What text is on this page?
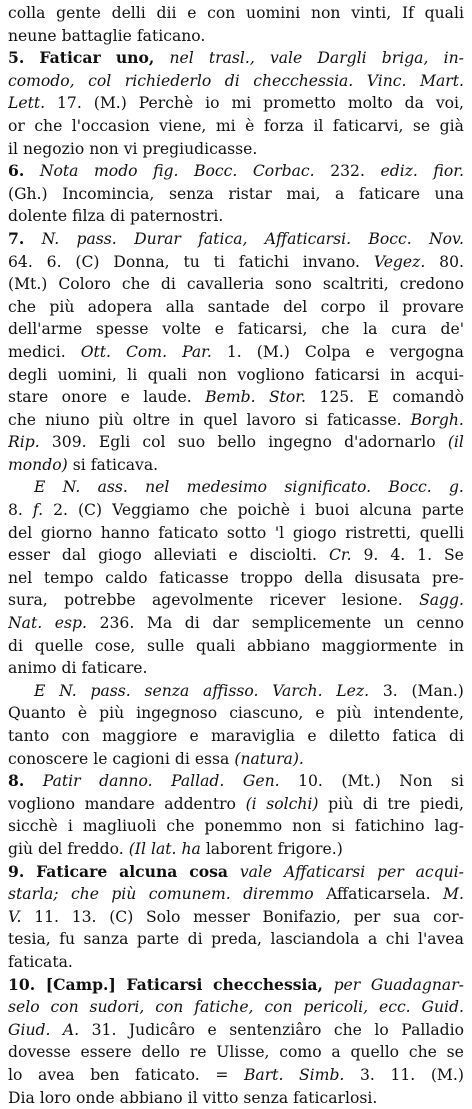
colla gente delli dii e con uomini non vinti, If quali
neune battaglie faticano.
5. Faticar uno, nel trasl., vale Dargli briga, in-
comodo, col richiederlo di checchessia. Vinc. Mart.
Lett. 17. (M.) Perchè io mi prometto molto da voi,
or che l'occasion viene, mi è forza il faticarvi, se già
il negozio non vi pregiudicasse.
6. Nota modo fig. Bocc. Corbac. 232. ediz. fior.
(Gh.) Incomincia, senza ristar mai, a faticare una
dolente filza di paternostri.
7. N. pass. Durar fatica, Affaticarsi. Bocc. Nov.
64. 6. (C) Donna, tu ti fatichi invano. Vegez. 80.
(Mt.) Coloro che di cavalleria sono scaltriti, credono
che più adopera alla santade del corpo il provare
dell'arme spesse volte e faticarsi, che la cura de'
medici. Ott. Com. Par. 1. (M.) Colpa e vergogna
degli uomini, li quali non vogliono faticarsi in acqui-
stare onore e laude. Bemb. Stor. 125. E comandò
che niuno più oltre in quel lavoro si faticasse. Borgh.
Rip. 309. Egli col suo bello ingegno d'adornarlo (il
mondo) si faticava.
E N. ass. nel medesimo significato. Bocc. g.
8. f. 2. (C) Veggiamo che poichè i buoi alcuna parte
del giorno hanno faticato sotto 'l giogo ristretti, quelli
esser dal giogo alleviati e disciolti. Cr. 9. 4. 1. Se
nel tempo caldo faticasse troppo della disusata pre-
sura, potrebbe agevolmente ricever lesione. Sagg.
Nat. esp. 236. Ma di dar semplicemente un cenno
di quelle cose, sulle quali abbiano maggiormente in
animo di faticare.
E N. pass. senza affisso. Varch. Lez. 3. (Man.)
Quanto è più ingegnoso ciascuno, e più intendente,
tanto con maggiore e maraviglia e diletto fatica di
conoscere le cagioni di essa (natura).
8. Patir danno. Pallad. Gen. 10. (Mt.) Non si
vogliono mandare addentro (i solchi) più di tre piedi,
sicchè i magliuoli che ponemmo non si fatichino lag-
giù del freddo. (Il lat. ha laborent frigore.)
9. Faticare alcuna cosa vale Affaticarsi per acqui-
starla; che più comunem. diremmo Affaticarsela. M.
V. 11. 13. (C) Solo messer Bonifazio, per sua cor-
tesia, fu sanza parte di preda, lasciandola a chi l'avea
faticata.
10. [Camp.] Faticarsi checchessia, per Guadagnar-
selo con sudori, con fatiche, con pericoli, ecc. Guid.
Giud. A. 31. Judicâro e sentenziâro che lo Palladio
dovesse essere dello re Ulisse, como a quello che se
lo avea ben faticato. = Bart. Simb. 3. 11. (M.)
Dia loro onde abbiano il vitto senza faticarlosi.
